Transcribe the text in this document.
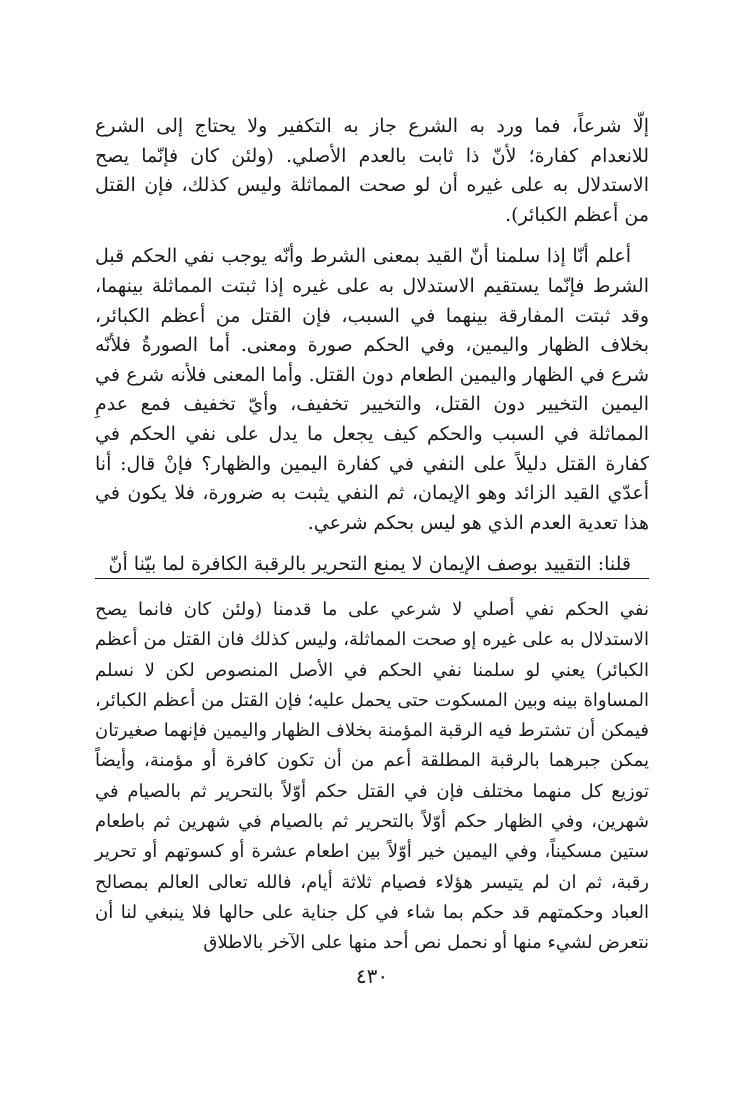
إلّا شرعاً، فما ورد به الشرع جاز به التكفير ولا يحتاج إلى الشرع للانعدام كفارة؛ لأنّ ذا ثابت بالعدم الأصلي. (ولئن كان فإنّما يصح الاستدلال به على غيره أن لو صحت المماثلة وليس كذلك، فإن القتل من أعظم الكبائر).

أعلم أنّا إذا سلمنا أنّ القيد بمعنى الشرط وأنّه يوجب نفي الحكم قبل الشرط فإنّما يستقيم الاستدلال به على غيره إذا ثبتت المماثلة بينهما، وقد ثبتت المفارقة بينهما في السبب، فإن القتل من أعظم الكبائر، بخلاف الظهار واليمين، وفي الحكم صورة ومعنى. أما الصورةُ فلأنّه شرع في الظهار واليمين الطعام دون القتل. وأما المعنى فلأنه شرع في اليمين التخيير دون القتل، والتخيير تخفيف، وأيّ تخفيف فمع عدمِ المماثلة في السبب والحكم كيف يجعل ما يدل على نفي الحكم في كفارة القتل دليلاً على النفي في كفارة اليمين والظهار؟ فإنْ قال: أنا أعدّي القيد الزائد وهو الإيمان، ثم النفي يثبت به ضرورة، فلا يكون في هذا تعدية العدم الذي هو ليس بحكم شرعي.

قلنا: التقييد بوصف الإيمان لا يمنع التحرير بالرقبة الكافرة لما بيّنا أنّ

نفي الحكم نفي أصلي لا شرعي على ما قدمنا (ولئن كان فانما يصح الاستدلال به على غيره إو صحت المماثلة، وليس كذلك فان القتل من أعظم الكبائر) يعني لو سلمنا نفي الحكم في الأصل المنصوص لكن لا نسلم المساواة بينه وبين المسكوت حتى يحمل عليه؛ فإن القتل من أعظم الكبائر، فيمكن أن تشترط فيه الرقبة المؤمنة بخلاف الظهار واليمين فإنهما صغيرتان يمكن جبرهما بالرقبة المطلقة أعم من أن تكون كافرة أو مؤمنة، وأيضاً توزيع كل منهما مختلف فإن في القتل حكم أوّلاً بالتحرير ثم بالصيام في شهرين، وفي الظهار حكم أوّلاً بالتحرير ثم بالصيام في شهرين ثم باطعام ستين مسكيناً، وفي اليمين خير أوّلاً بين اطعام عشرة أو كسوتهم أو تحرير رقبة، ثم ان لم يتيسر هؤلاء فصيام ثلاثة أيام، فالله تعالى العالم بمصالح العباد وحكمتهم قد حكم بما شاء في كل جناية على حالها فلا ينبغي لنا أن نتعرض لشيء منها أو نحمل نص أحد منها على الآخر بالاطلاق

٤٣٠
